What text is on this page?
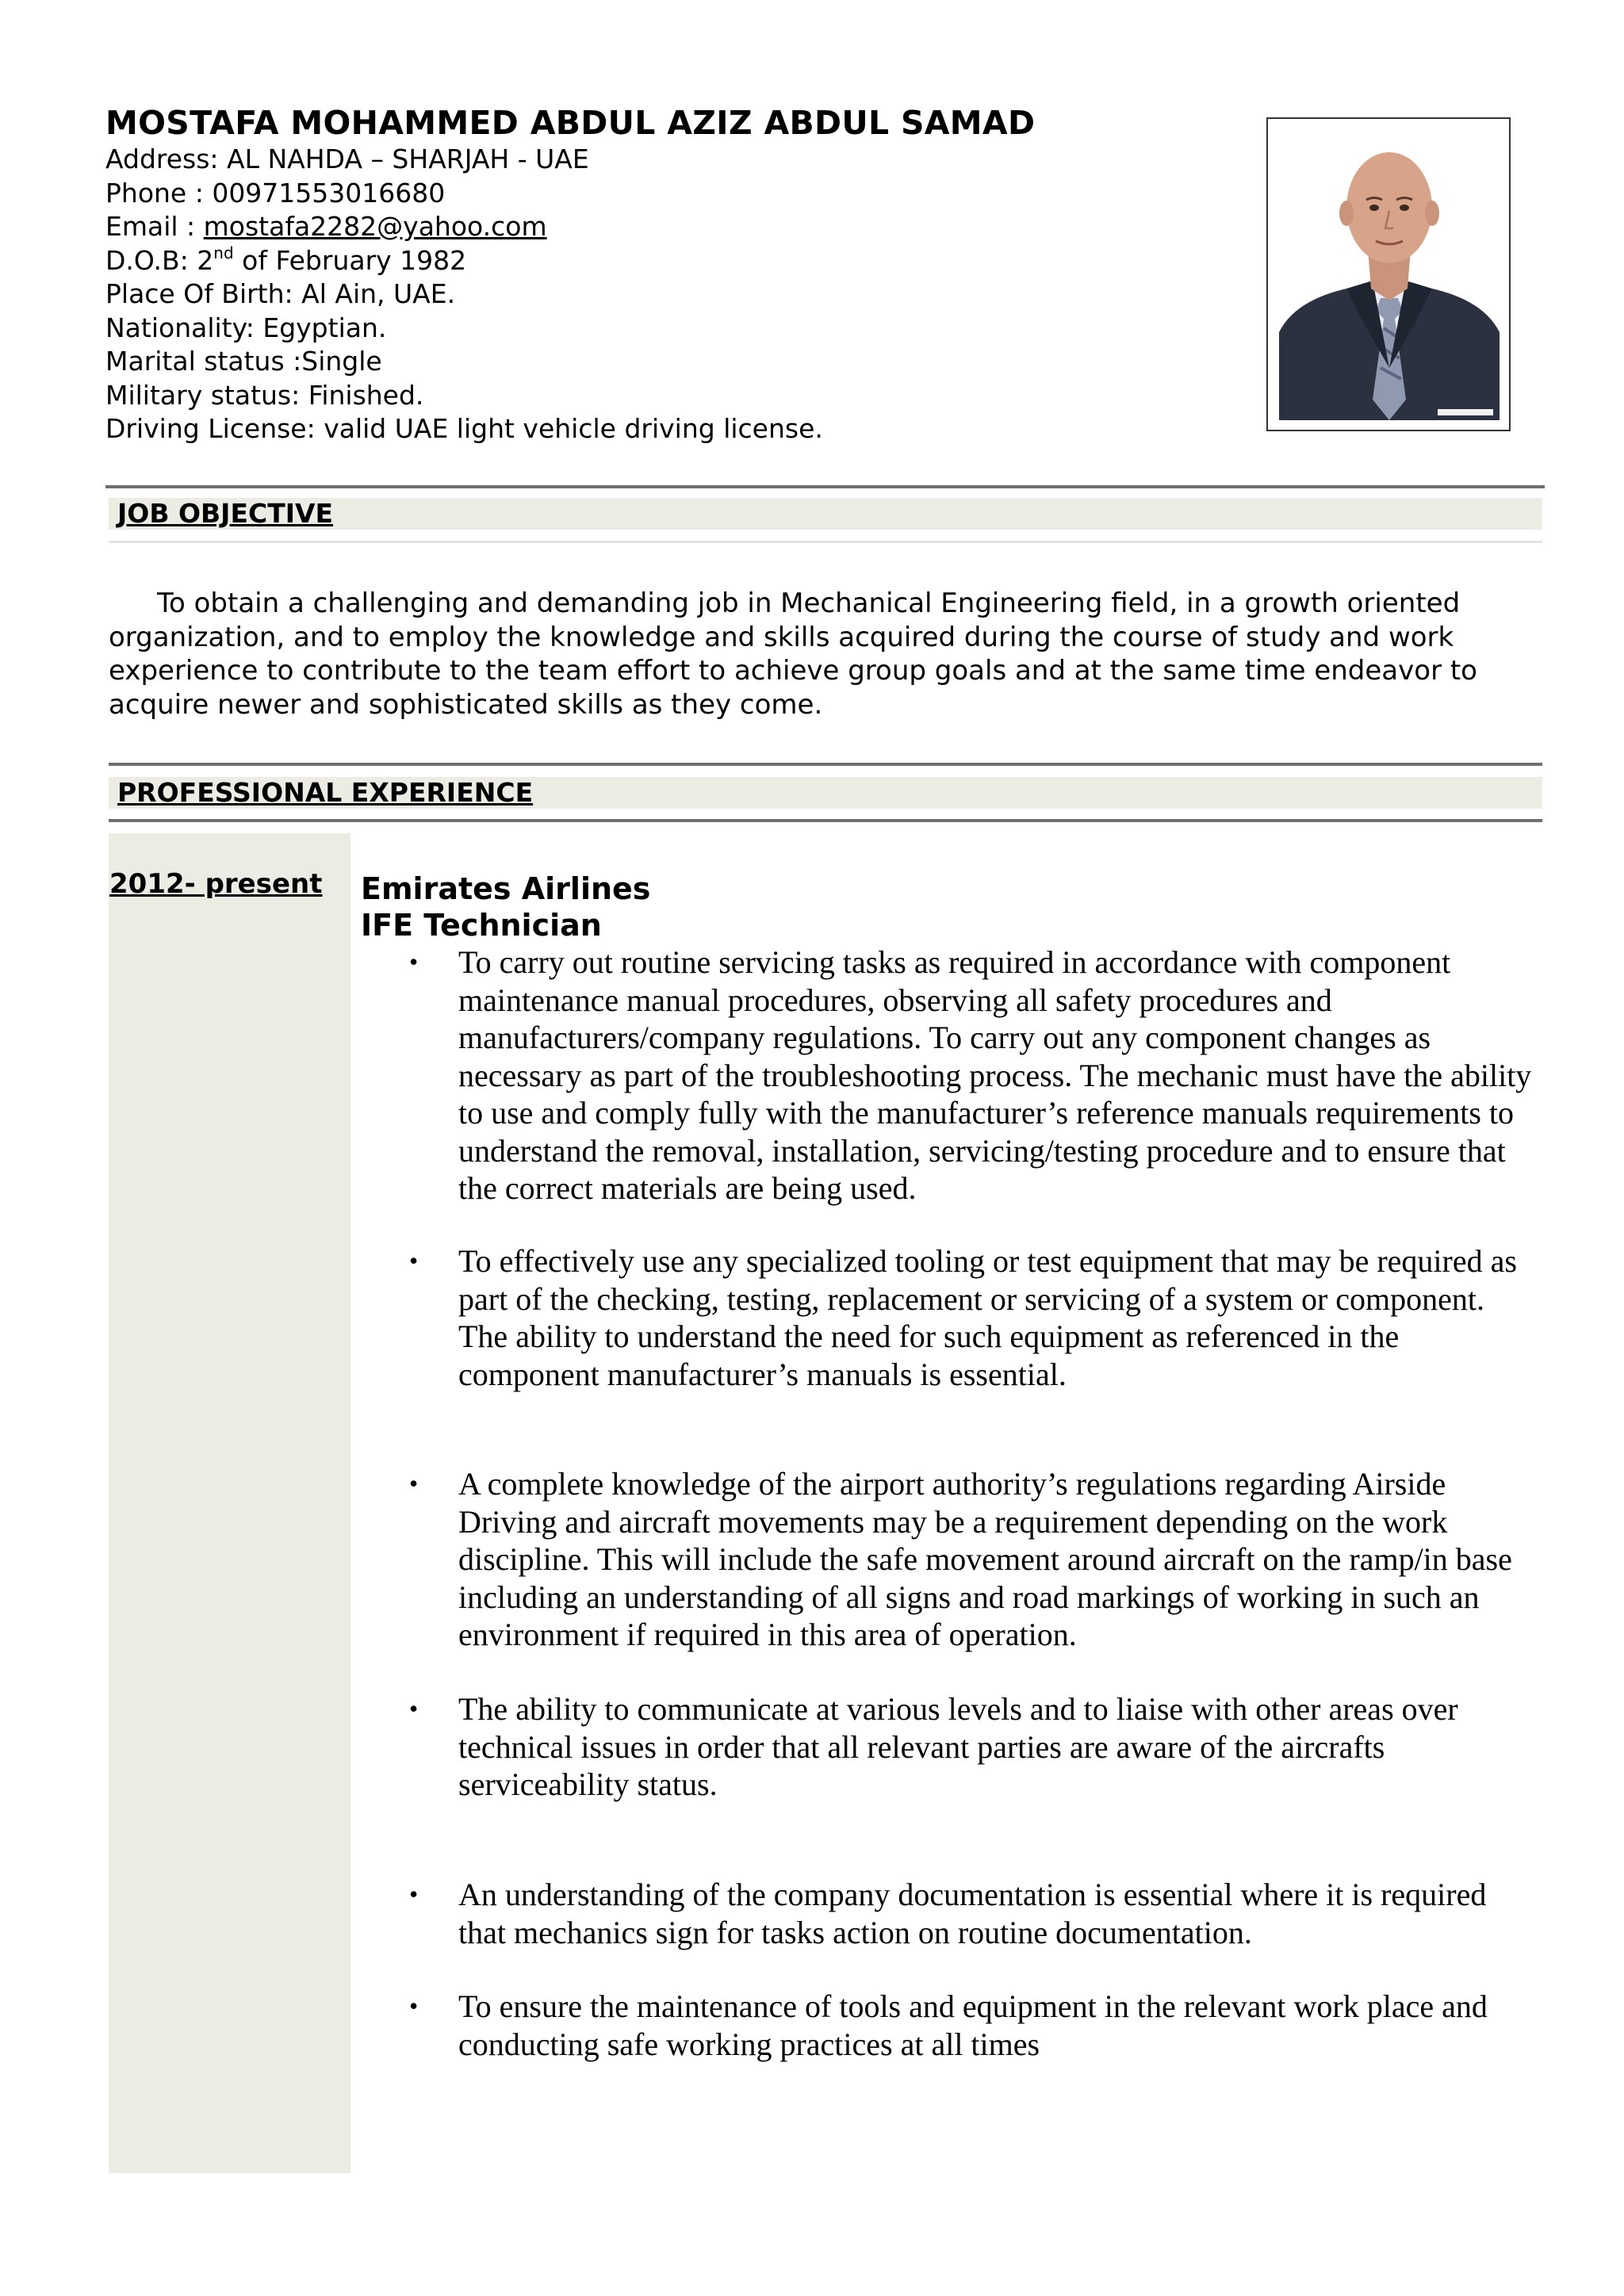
MOSTAFA MOHAMMED ABDUL AZIZ ABDUL SAMAD
Address: AL NAHDA – SHARJAH - UAE
Phone : 00971553016680
Email : mostafa2282@yahoo.com
D.O.B: 2nd of February 1982
Place Of Birth: Al Ain, UAE.
Nationality: Egyptian.
Marital status :Single
Military status: Finished.
Driving License: valid UAE light vehicle driving license.
JOB OBJECTIVE

To obtain a challenging and demanding job in Mechanical Engineering field, in a growth oriented organization, and to employ the knowledge and skills acquired during the course of study and work experience to contribute to the team effort to achieve group goals and at the same time endeavor to acquire newer and sophisticated skills as they come.

PROFESSIONAL EXPERIENCE
2012- present Emirates Airlines
IFE Technician
• To carry out routine servicing tasks as required in accordance with component maintenance manual procedures, observing all safety procedures and manufacturers/company regulations. To carry out any component changes as necessary as part of the troubleshooting process. The mechanic must have the ability to use and comply fully with the manufacturer’s reference manuals requirements to understand the removal, installation, servicing/testing procedure and to ensure that the correct materials are being used.

• To effectively use any specialized tooling or test equipment that may be required as part of the checking, testing, replacement or servicing of a system or component. The ability to understand the need for such equipment as referenced in the component manufacturer’s manuals is essential.

• A complete knowledge of the airport authority’s regulations regarding Airside Driving and aircraft movements may be a requirement depending on the work discipline. This will include the safe movement around aircraft on the ramp/in base including an understanding of all signs and road markings of working in such an environment if required in this area of operation.

• The ability to communicate at various levels and to liaise with other areas over technical issues in order that all relevant parties are aware of the aircrafts serviceability status.

• An understanding of the company documentation is essential where it is required that mechanics sign for tasks action on routine documentation.

• To ensure the maintenance of tools and equipment in the relevant work place and conducting safe working practices at all times
